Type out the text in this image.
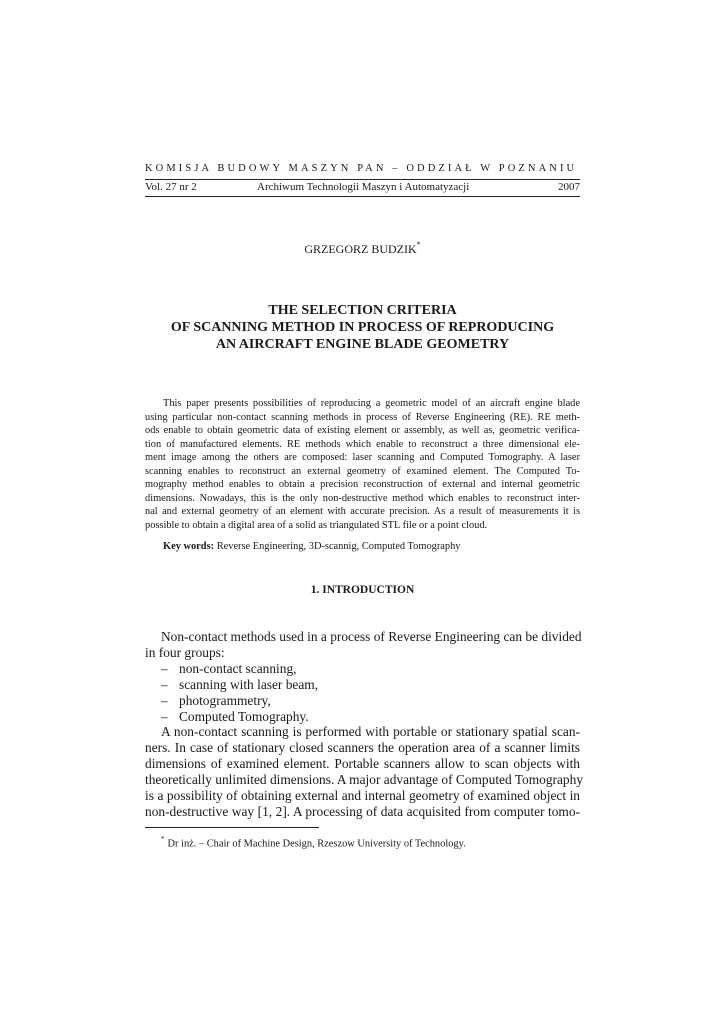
KOMISJA BUDOWY MASZYN PAN – ODDZIAŁ W POZNANIU
Vol. 27 nr 2	Archiwum Technologii Maszyn i Automatyzacji	2007
GRZEGORZ BUDZIK*
THE SELECTION CRITERIA
OF SCANNING METHOD IN PROCESS OF REPRODUCING
AN AIRCRAFT ENGINE BLADE GEOMETRY
This paper presents possibilities of reproducing a geometric model of an aircraft engine blade
using particular non-contact scanning methods in process of Reverse Engineering (RE). RE meth-
ods enable to obtain geometric data of existing element or assembly, as well as, geometric verifica-
tion of manufactured elements. RE methods which enable to reconstruct a three dimensional ele-
ment image among the others are composed: laser scanning and Computed Tomography. A laser
scanning enables to reconstruct an external geometry of examined element. The Computed To-
mography method enables to obtain a precision reconstruction of external and internal geometric
dimensions. Nowadays, this is the only non-destructive method which enables to reconstruct inter-
nal and external geometry of an element with accurate precision. As a result of measurements it is
possible to obtain a digital area of a solid as triangulated STL file or a point cloud.
Key words: Reverse Engineering, 3D-scannig, Computed Tomography
1. INTRODUCTION
Non-contact methods used in a process of Reverse Engineering can be divided
in four groups:
– non-contact scanning,
– scanning with laser beam,
– photogrammetry,
– Computed Tomography.
A non-contact scanning is performed with portable or stationary spatial scan-
ners. In case of stationary closed scanners the operation area of a scanner limits
dimensions of examined element. Portable scanners allow to scan objects with
theoretically unlimited dimensions. A major advantage of Computed Tomography
is a possibility of obtaining external and internal geometry of examined object in
non-destructive way [1, 2]. A processing of data acquisited from computer tomo-
* Dr inż. – Chair of Machine Design, Rzeszow University of Technology.
